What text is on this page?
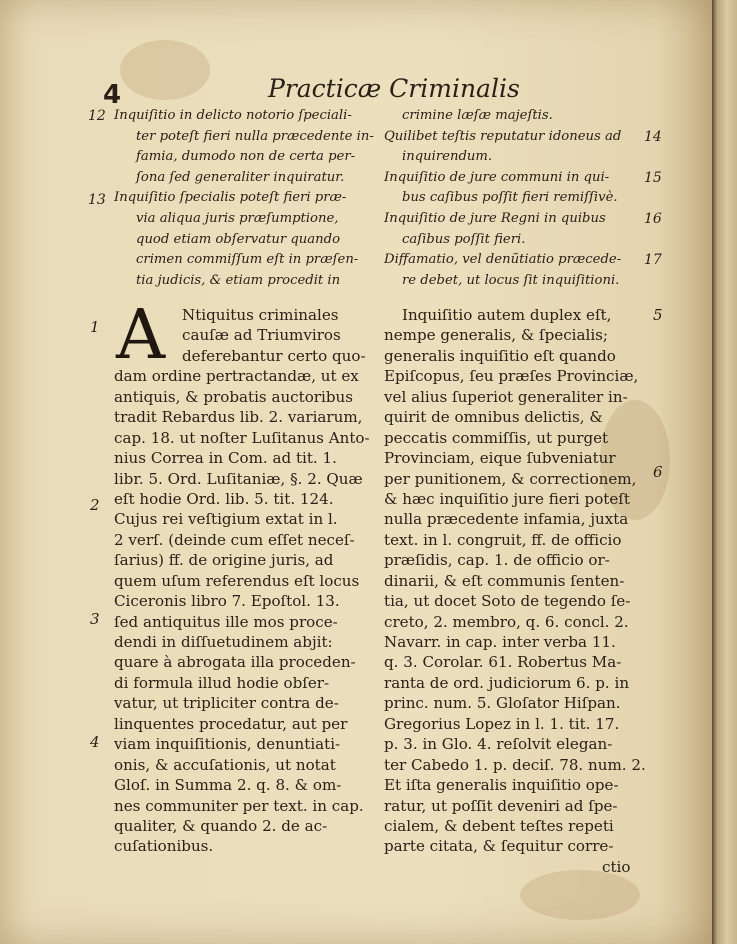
4	Practicæ Criminalis
12
13
Inquiſitio in delicto notorio ſpeciali-
ter poteſt fieri nulla præcedente in-
famia, dumodo non de certa per-
ſona ſed generaliter inquiratur.
Inquiſitio ſpecialis poteſt fieri præ-
via aliqua juris præſumptione,
quod etiam obſervatur quando
crimen commiſſum eſt in præſen-
tia judicis, & etiam procedit in
crimine læſæ majeſtis.
Quilibet teſtis reputatur idoneus ad
inquirendum.
Inquiſitio de jure communi in qui-
bus caſibus poſſit fieri remiſſivè.
Inquiſitio de jure Regni in quibus
caſibus poſſit fieri.
Diffamatio, vel denũtiatio præcede-
re debet, ut locus ſit inquiſitioni.
14
15
16
17
1
2
3
4
A	Ntiquitus criminales
cauſæ ad Triumviros
deferebantur certo quo-
dam ordine pertractandæ, ut ex
antiquis, & probatis auctoribus
tradit Rebardus lib. 2. variarum,
cap. 18. ut noſter Luſitanus Anto-
nius Correa in Com. ad tit. 1.
libr. 5. Ord. Luſitaniæ, §. 2. Quæ
eſt hodie Ord. lib. 5. tit. 124.
Cujus rei veſtigium extat in l.
2 verſ. (deinde cum eſſet neceſ-
ſarius) ff. de origine juris, ad
quem uſum referendus eſt locus
Ciceronis libro 7. Epoſtol. 13.
ſed antiquitus ille mos proce-
dendi in diſſuetudinem abjit:
quare à abrogata illa proceden-
di formula illud hodie obſer-
vatur, ut tripliciter contra de-
linquentes procedatur, aut per
viam inquiſitionis, denuntiati-
onis, & accuſationis, ut notat
Gloſ. in Summa 2. q. 8. & om-
nes communiter per text. in cap.
qualiter, & quando 2. de ac-
cuſationibus.
Inquiſitio autem duplex eſt,
nempe generalis, & ſpecialis;
generalis inquiſitio eſt quando
Epiſcopus, ſeu præſes Provinciæ,
vel alius ſuperiot generaliter in-
quirit de omnibus delictis, &
peccatis commiſſis, ut purget
Provinciam, eique ſubveniatur
per punitionem, & correctionem,
& hæc inquiſitio jure fieri poteſt
nulla præcedente infamia, juxta
text. in l. congruit, ff. de officio
præſidis, cap. 1. de officio or-
dinarii, & eſt communis ſenten-
tia, ut docet Soto de tegendo ſe-
creto, 2. membro, q. 6. concl. 2.
Navarr. in cap. inter verba 11.
q. 3. Corolar. 61. Robertus Ma-
ranta de ord. judiciorum 6. p. in
princ. num. 5. Gloſator Hiſpan.
Gregorius Lopez in l. 1. tit. 17.
p. 3. in Glo. 4. reſolvit elegan-
ter Cabedo 1. p. deciſ. 78. num. 2.
Et iſta generalis inquiſitio ope-
ratur, ut poſſit deveniri ad ſpe-
cialem, & debent teſtes repeti
parte citata, & ſequitur corre-
ctio
5
6
